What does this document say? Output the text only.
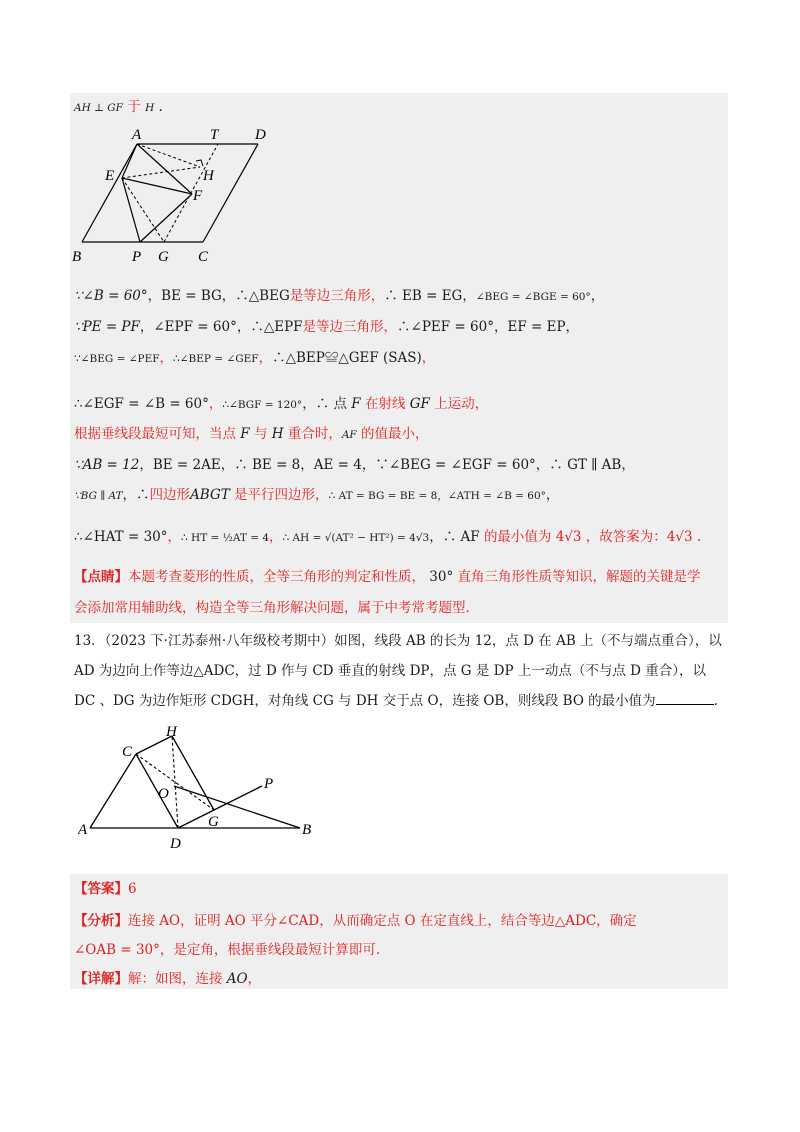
AH ⊥ GF 于 H .
A	T D
E	H
F
B	P G C
∵∠B = 60°，BE = BG，∴△BEG是等边三角形，∴ EB = EG，∠BEG = ∠BGE = 60°，
∵PE = PF，∠EPF = 60°，∴△EPF是等边三角形，∴∠PEF = 60°，EF = EP，
∵∠BEG = ∠PEF，∴∠BEP = ∠GEF，∴△BEP≌△GEF (SAS)，
∴∠EGF = ∠B = 60°，∴∠BGF = 120°，∴ 点 F 在射线 GF 上运动，
根据垂线段最短可知，当点 F 与 H 重合时，AF 的值最小，
∵AB = 12，BE = 2AE，∴ BE = 8，AE = 4，∵∠BEG = ∠EGF = 60°，∴ GT ∥ AB，
∵BG ∥ AT，∴四边形ABGT 是平行四边形，∴ AT = BG = BE = 8，∠ATH = ∠B = 60°，
∴∠HAT = 30°，∴ HT = ½AT = 4，∴ AH = √(AT² − HT²) = 4√3，∴ AF 的最小值为 4√3 ，故答案为：4√3 .
【点睛】本题考查菱形的性质，全等三角形的判定和性质， 30° 直角三角形性质等知识，解题的关键是学
会添加常用辅助线，构造全等三角形解决问题，属于中考常考题型.
13．（2023 下·江苏泰州·八年级校考期中）如图，线段 AB 的长为 12，点 D 在 AB 上（不与端点重合），以
AD 为边向上作等边△ADC，过 D 作与 CD 垂直的射线 DP，点 G 是 DP 上一动点（不与点 D 重合），以
DC 、DG 为边作矩形 CDGH，对角线 CG 与 DH 交于点 O，连接 OB，则线段 BO 的最小值为	.
H
C
P
O
G
A
D
B
【答案】6
【分析】连接 AO，证明 AO 平分∠CAD，从而确定点 O 在定直线上，结合等边△ADC，确定
∠OAB = 30°，是定角，根据垂线段最短计算即可.
【详解】解：如图，连接 AO，
